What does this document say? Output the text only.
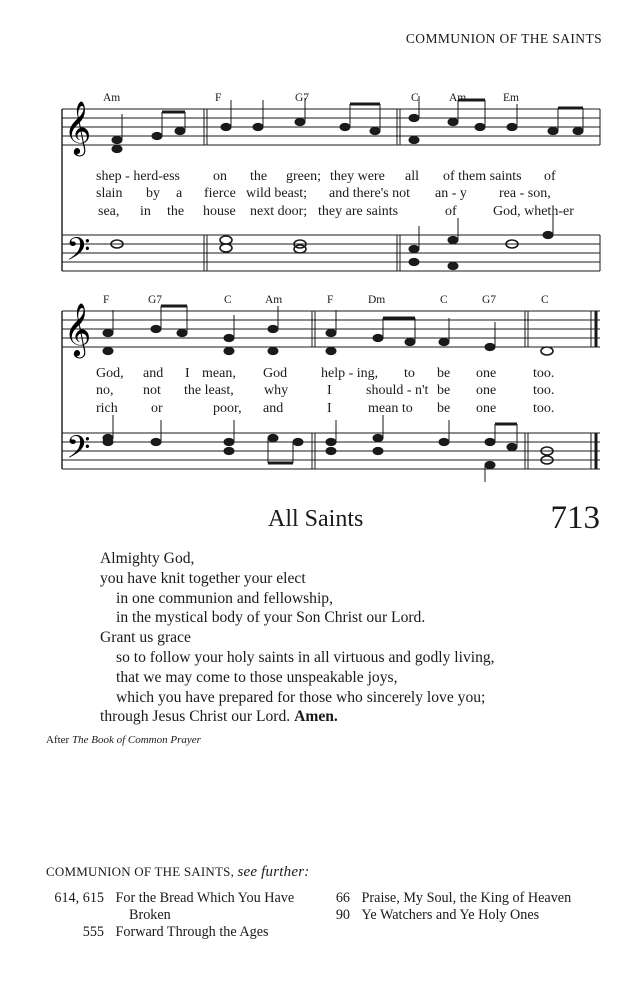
COMMUNION OF THE SAINTS
𝄞
𝄢
𝄞
𝄢
Am	F	G7	C	Am	Em
F	G7	C	Am	F	Dm	C	G7	C
shep - herd-ess on the green; they were all of them saints of
slain by a fierce wild beast; and there's not an - y rea - son,
sea, in the house next door; they are saints	of	God, wheth-er
God, and I mean, God help - ing, to be one	too.
no, not the least, why	I should - n't be one	too.
rich or	poor, and	I	mean to be one	too.
All Saints	713
Almighty God,
you have knit together your elect
in one communion and fellowship,
in the mystical body of your Son Christ our Lord.
Grant us grace
so to follow your holy saints in all virtuous and godly living,
that we may come to those unspeakable joys,
which you have prepared for those who sincerely love you;
through Jesus Christ our Lord. Amen.
After The Book of Common Prayer
COMMUNION OF THE SAINTS, see further:
614, 615 For the Bread Which You Have
Broken
555 Forward Through the Ages
66 Praise, My Soul, the King of Heaven
90 Ye Watchers and Ye Holy Ones
